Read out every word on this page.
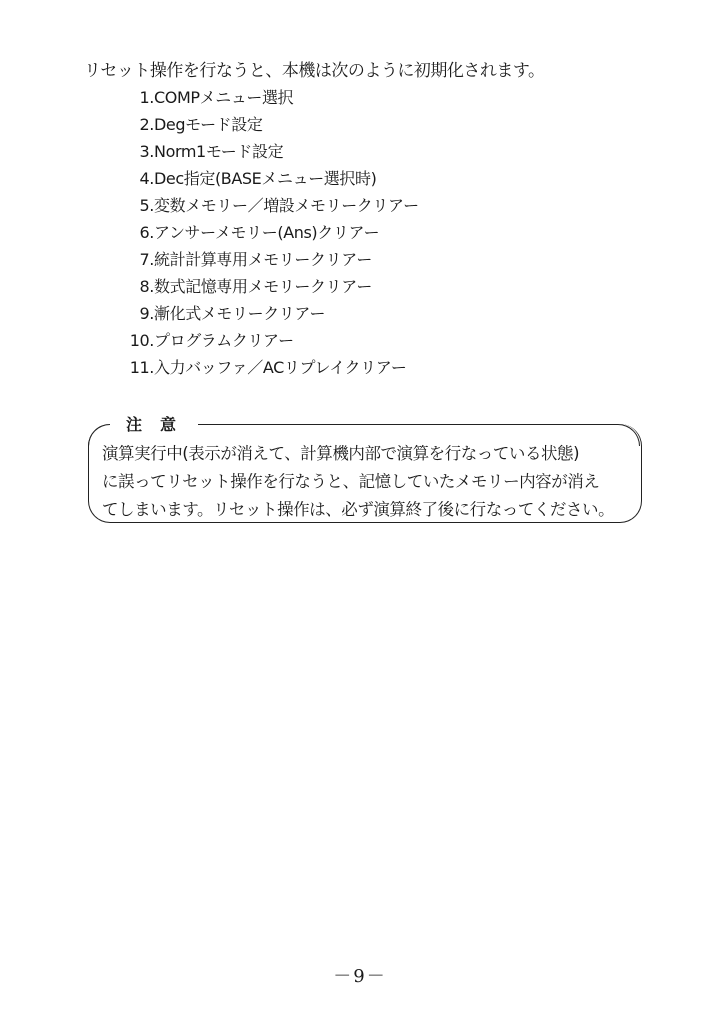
リセット操作を行なうと、本機は次のように初期化されます。

1. COMPメニュー選択
2. Degモード設定
3. Norm1モード設定
4. Dec指定(BASEメニュー選択時)
5. 変数メモリー／増設メモリークリアー
6. アンサーメモリー(Ans)クリアー
7. 統計計算専用メモリークリアー
8. 数式記憶専用メモリークリアー
9. 漸化式メモリークリアー
10. プログラムクリアー
11. 入力バッファ／ACリプレイクリアー
注意
演算実行中(表示が消えて、計算機内部で演算を行なっている状態)
に誤ってリセット操作を行なうと、記憶していたメモリー内容が消え
てしまいます。リセット操作は、必ず演算終了後に行なってください。
－9－
